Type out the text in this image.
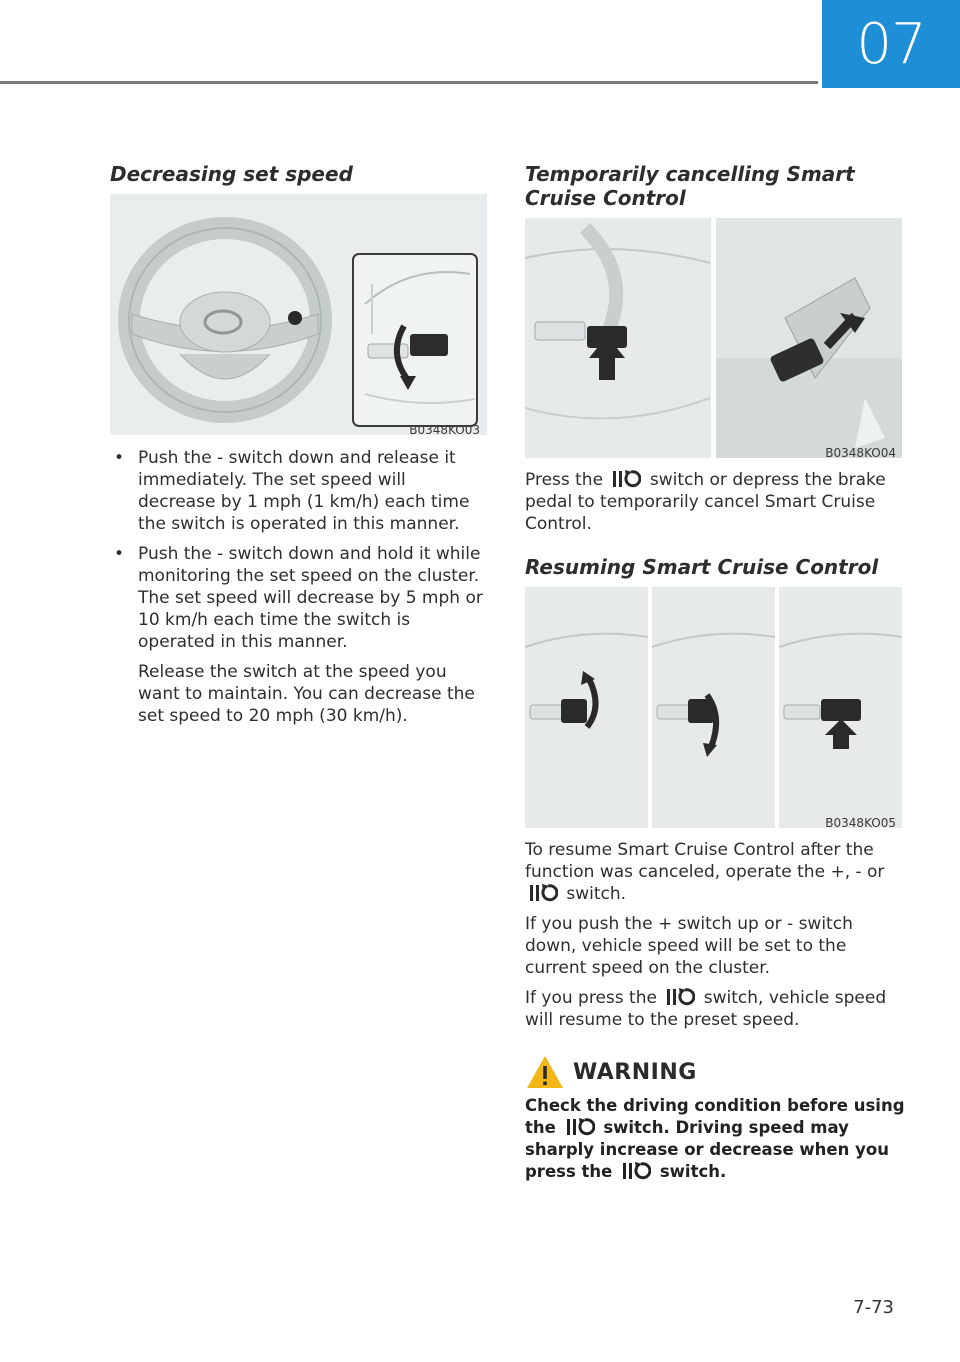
07
Decreasing set speed
B0348KO03
• Push the - switch down and release it immediately. The set speed will decrease by 1 mph (1 km/h) each time the switch is operated in this manner.
• Push the - switch down and hold it while monitoring the set speed on the cluster. The set speed will decrease by 5 mph or 10 km/h each time the switch is operated in this manner.

Release the switch at the speed you want to maintain. You can decrease the set speed to 20 mph (30 km/h).

Temporarily cancelling Smart Cruise Control
B0348KO04

Press the	switch or depress the brake pedal to temporarily cancel Smart Cruise Control.

Resuming Smart Cruise Control
B0348KO05

To resume Smart Cruise Control after the function was canceled, operate the +, - or  switch.

If you push the + switch up or - switch down, vehicle speed will be set to the current speed on the cluster.

If you press the	switch, vehicle speed will resume to the preset speed.

WARNING
Check the driving condition before using the	switch. Driving speed may sharply increase or decrease when you press the	switch.
7-73
